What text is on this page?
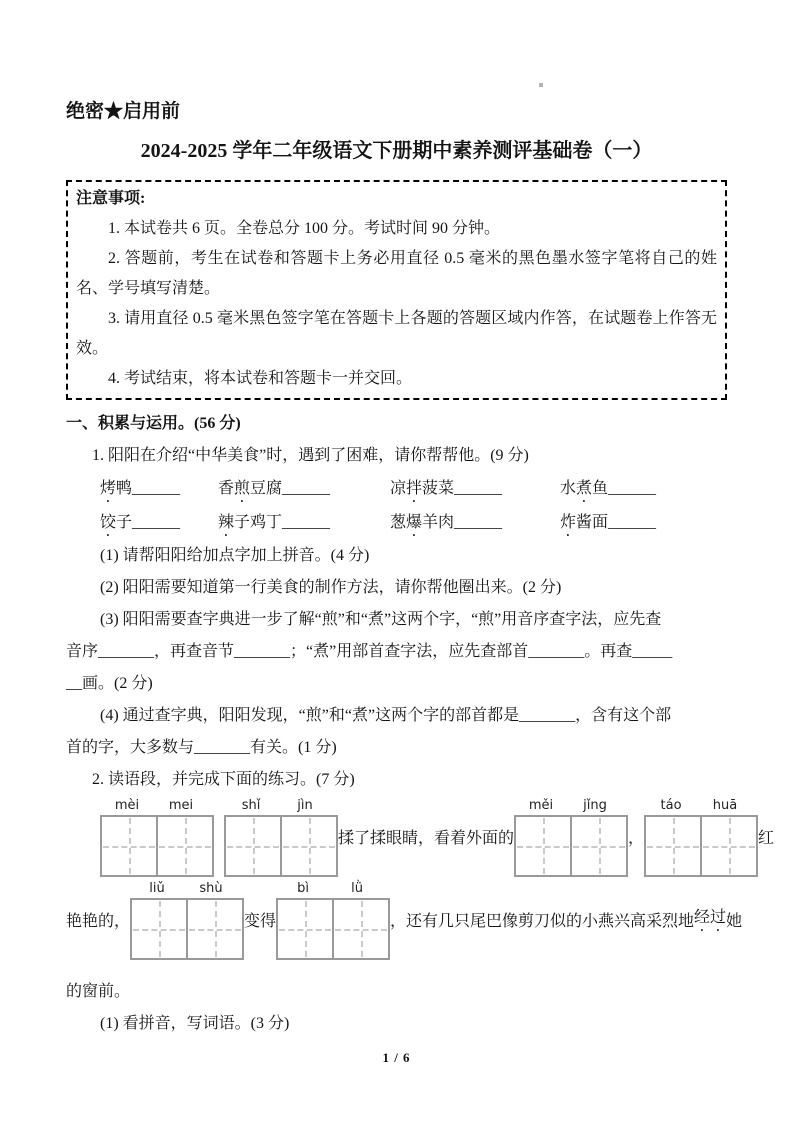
绝密★启用前
2024-2025 学年二年级语文下册期中素养测评基础卷（一）
注意事项:

1. 本试卷共 6 页。全卷总分 100 分。考试时间 90 分钟。

2. 答题前，考生在试卷和答题卡上务必用直径 0.5 毫米的黑色墨水签字笔将自己的姓名、学号填写清楚。

3. 请用直径 0.5 毫米黑色签字笔在答题卡上各题的答题区域内作答，在试题卷上作答无效。

4. 考试结束，将本试卷和答题卡一并交回。

一、积累与运用。(56 分)
1. 阳阳在介绍“中华美食”时，遇到了困难，请你帮帮他。(9 分)
烤鸭______	香煎豆腐______	凉拌菠菜______	水煮鱼______
饺子______	辣子鸡丁______	葱爆羊肉______	炸酱面______
(1) 请帮阳阳给加点字加上拼音。(4 分)
(2) 阳阳需要知道第一行美食的制作方法，请你帮他圈出来。(2 分)
(3) 阳阳需要查字典进一步了解“煎”和“煮”这两个字，“煎”用音序查字法，应先查
音序_______，再查音节_______；“煮”用部首查字法，应先查部首_______。再查_____
__画。(2 分)
(4) 通过查字典，阳阳发现，“煎”和“煮”这两个字的部首都是_______，含有这个部
首的字，大多数与_______有关。(1 分)
2. 读语段，并完成下面的练习。(7 分)
mèi	mei	shǐ	jìn
揉了揉眼睛，看着外面的
měi	jǐng
，
táo	huā
红
艳艳的，
liǔ	shù
变得
bì	lǜ
，还有几只尾巴像剪刀似的小燕兴高采烈地 经过 她
的窗前。
(1) 看拼音，写词语。(3 分)
1 / 6
